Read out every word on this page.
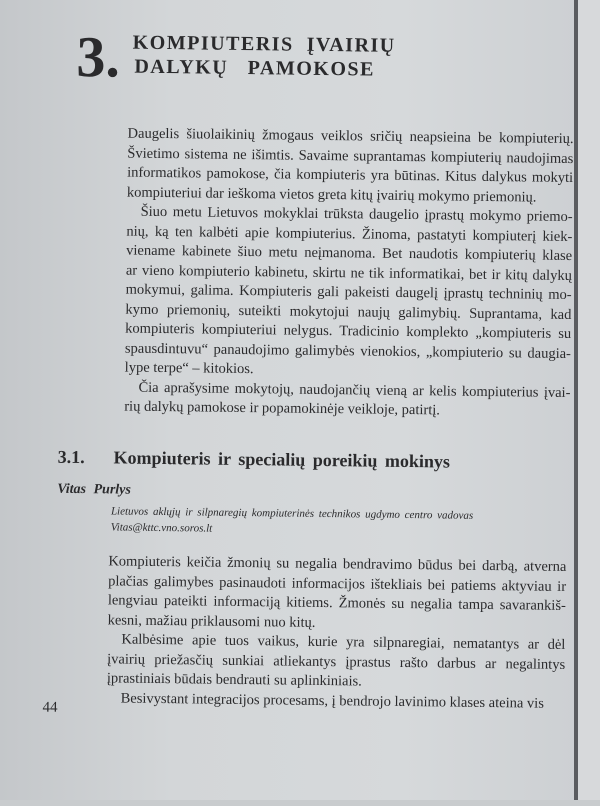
3. KOMPIUTERIS  ĮVAIRIŲ
DALYKŲ   PAMOKOSE
Daugelis šiuolaikinių žmogaus veiklos sričių neapsieina be kompiuterių.
Švietimo sistema ne išimtis. Savaime suprantamas kompiuterių naudojimas
informatikos pamokose, čia kompiuteris yra būtinas. Kitus dalykus mokyti
kompiuteriui dar ieškoma vietos greta kitų įvairių mokymo priemonių.
Šiuo metu Lietuvos mokyklai trūksta daugelio įprastų mokymo priemo-
nių, ką ten kalbėti apie kompiuterius. Žinoma, pastatyti kompiuterį kiek-
viename kabinete šiuo metu neįmanoma. Bet naudotis kompiuterių klase
ar vieno kompiuterio kabinetu, skirtu ne tik informatikai, bet ir kitų dalykų
mokymui, galima. Kompiuteris gali pakeisti daugelį įprastų techninių mo-
kymo priemonių, suteikti mokytojui naujų galimybių. Suprantama, kad
kompiuteris kompiuteriui nelygus. Tradicinio komplekto „kompiuteris su
spausdintuvu“ panaudojimo galimybės vienokios, „kompiuterio su daugia-
lype terpe“ – kitokios.
Čia aprašysime mokytojų, naudojančių vieną ar kelis kompiuterius įvai-
rių dalykų pamokose ir popamokinėje veikloje, patirtį.
3.1. Kompiuteris ir specialių poreikių mokinys
Vitas Purlys
Lietuvos aklųjų ir silpnaregių kompiuterinės technikos ugdymo centro vadovas
Vitas@kttc.vno.soros.lt
Kompiuteris keičia žmonių su negalia bendravimo būdus bei darbą, atverna
plačias galimybes pasinaudoti informacijos ištekliais bei patiems aktyviau ir
lengviau pateikti informaciją kitiems. Žmonės su negalia tampa savarankiš-
kesni, mažiau priklausomi nuo kitų.
Kalbėsime apie tuos vaikus, kurie yra silpnaregiai, nematantys ar dėl
įvairių priežasčių sunkiai atliekantys įprastus rašto darbus ar negalintys
įprastiniais būdais bendrauti su aplinkiniais.
Besivystant integracijos procesams, į bendrojo lavinimo klases ateina vis
44
